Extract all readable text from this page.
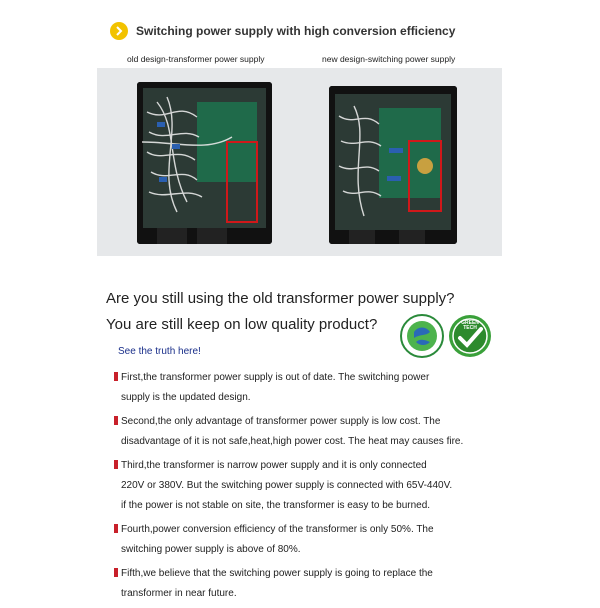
Switching power supply with high conversion efficiency
old design-transformer power supply	new design-switching power supply
Are you still using the old transformer power supply?
You are still keep on low quality product?	GREEN
TECH
See the truth here!
First,the transformer power supply is out of date. The switching power
supply is the updated design.
Second,the only advantage of transformer power supply is low cost. The
disadvantage of it is not safe,heat,high power cost. The heat may causes fire.
Third,the transformer is narrow power supply and it is only connected
220V or 380V. But the switching power supply is connected with 65V-440V.
if the power is not stable on site, the transformer is easy to be burned.
Fourth,power conversion efficiency of the transformer is only 50%. The
switching power supply is above of 80%.
Fifth,we believe that the switching power supply is going to replace the
transformer in near future.
